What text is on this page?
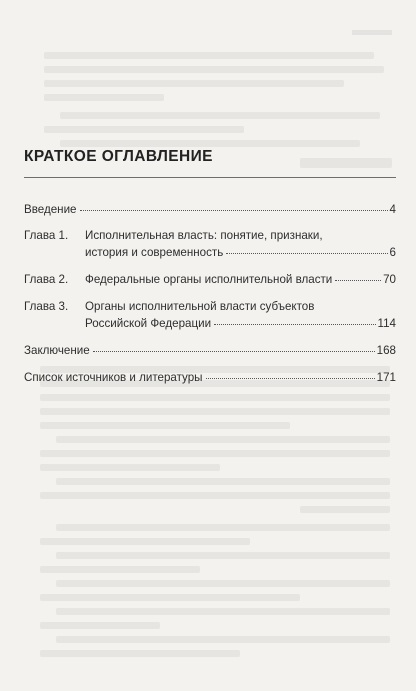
КРАТКОЕ ОГЛАВЛЕНИЕ
Введение	4
Глава 1.	Исполнительная власть: понятие, признаки,
история и современность	6
Глава 2.	Федеральные органы исполнительной власти	70
Глава 3.	Органы исполнительной власти субъектов
Российской Федерации	114
Заключение	168
Список источников и литературы	171
